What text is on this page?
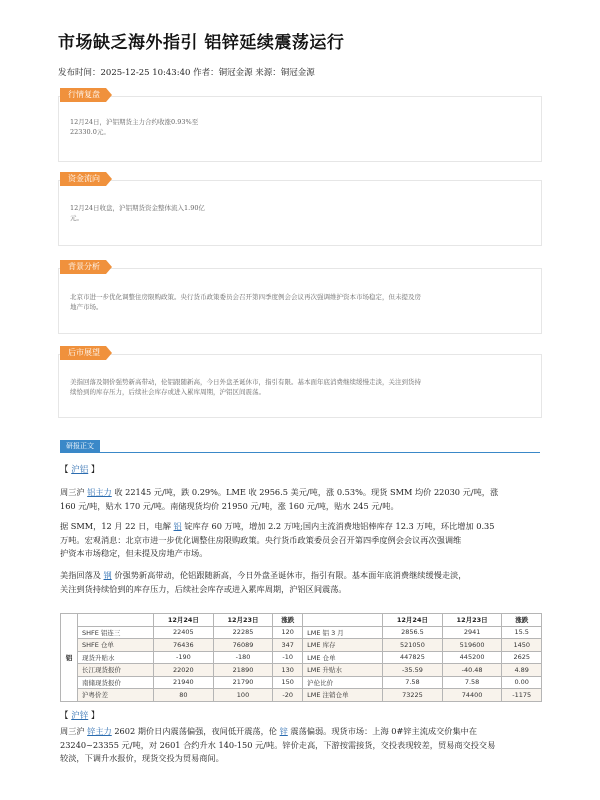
市场缺乏海外指引 铝锌延续震荡运行
发布时间：2025-12-25 10:43:40 作者：铜冠金源 来源：铜冠金源
行情复盘
12月24日，沪铝期货主力合约收涨0.93%至
22330.0元。
资金流向
12月24日收盘，沪铝期货资金整体流入1.90亿
元。
背景分析
北京市进一步优化调整住房限购政策。央行货币政策委员会召开第四季度例会会议再次强调维护资本市场稳定，但未提及房
地产市场。
后市展望
美指回落及钢价强势新高带动，伦铝跟随新高，今日外盘圣诞休市，指引有限。基本面年底消费继续缓慢走淡，关注到货持
续恰到的库存压力，后续社会库存或进入累库周期，沪铝区间震荡。
研报正文
【 沪铝 】
周三沪 铝主力 收 22145 元/吨，跌 0.29%。LME 收 2956.5 美元/吨，涨 0.53%。现货 SMM 均价 22030 元/吨，涨
160 元/吨，贴水 170 元/吨。南储现货均价 21950 元/吨，涨 160 元/吨，贴水 245 元/吨。
据 SMM，12 月 22 日，电解 铝 锭库存 60 万吨，增加 2.2 万吨;国内主流消费地铝棒库存 12.3 万吨，环比增加 0.35
万吨。宏观消息：北京市进一步优化调整住房限购政策。央行货币政策委员会召开第四季度例会会议再次强调维
护资本市场稳定，但未提及房地产市场。
美指回落及 钢 价强势新高带动，伦铝跟随新高，今日外盘圣诞休市，指引有限。基本面年底消费继续缓慢走淡，
关注到货持续恰到的库存压力，后续社会库存或进入累库周期，沪铝区间震荡。
铝		12月24日	12月23日	涨跌		12月24日	12月23日	涨跌
	SHFE 铝连三	22405	22285	120	LME 铝 3 月	2856.5	2941	15.5
	SHFE 仓单	76436	76089	347	LME 库存	521050	519600	1450
	现货升贴水	-190	-180	-10	LME 仓单	447825	445200	2625
	长江现货报价	22020	21890	130	LME 升贴水	-35.59	-40.48	4.89
	南储现货报价	21940	21790	150	沪伦比价	7.58	7.58	0.00
	沪粤价差	80	100	-20	LME 注销仓单	73225	74400	-1175
【 沪锌 】
周三沪 锌主力 2602 期价日内震荡偏强，夜间低开震荡，伦 锌 震荡偏弱。现货市场：上海 0#锌主流成交价集中在
23240~23355 元/吨，对 2601 合约升水 140-150 元/吨。锌价走高，下游按需接货，交投表现较差，贸易商交投交易
较淡，下调升水报价，现货交投为贸易商间。
